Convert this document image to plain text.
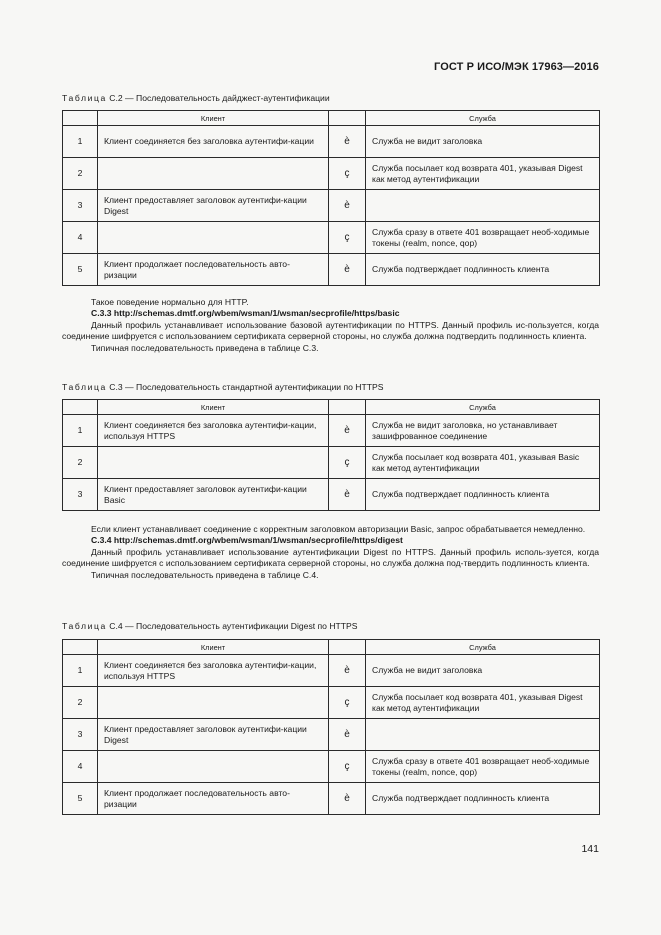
ГОСТ Р ИСО/МЭК 17963—2016
Таблица С.2 — Последовательность дайджест-аутентификации
	Клиент		Служба
1	Клиент соединяется без заголовка аутентифи-кации	è	Служба не видит заголовка
2		ç	Служба посылает код возврата 401, указывая Digest как метод аутентификации
3	Клиент предоставляет заголовок аутентифи-кации Digest	è	
4		ç	Служба сразу в ответе 401 возвращает необ-ходимые токены (realm, nonce, qop)
5	Клиент продолжает последовательность авто-ризации	è	Служба подтверждает подлинность клиента

Такое поведение нормально для HTTP.

С.3.3 http://schemas.dmtf.org/wbem/wsman/1/wsman/secprofile/https/basic

Данный профиль устанавливает использование базовой аутентификации по HTTPS. Данный профиль ис-пользуется, когда соединение шифруется с использованием сертификата серверной стороны, но служба должна подтвердить подлинность клиента.

Типичная последовательность приведена в таблице С.3.

Таблица С.3 — Последовательность стандартной аутентификации по HTTPS
	Клиент		Служба
1	Клиент соединяется без заголовка аутентифи-кации, используя HTTPS	è	Служба не видит заголовка, но устанавливает зашифрованное соединение
2		ç	Служба посылает код возврата 401, указывая Basic как метод аутентификации
3	Клиент предоставляет заголовок аутентифи-кации Basic	è	Служба подтверждает подлинность клиента

Если клиент устанавливает соединение с корректным заголовком авторизации Basic, запрос обрабатывается немедленно.

С.3.4 http://schemas.dmtf.org/wbem/wsman/1/wsman/secprofile/https/digest

Данный профиль устанавливает использование аутентификации Digest по HTTPS. Данный профиль исполь-зуется, когда соединение шифруется с использованием сертификата серверной стороны, но служба должна под-твердить подлинность клиента.

Типичная последовательность приведена в таблице С.4.

Таблица С.4 — Последовательность аутентификации Digest по HTTPS
	Клиент		Служба
1	Клиент соединяется без заголовка аутентифи-кации, используя HTTPS	è	Служба не видит заголовка
2		ç	Служба посылает код возврата 401, указывая Digest как метод аутентификации
3	Клиент предоставляет заголовок аутентифи-кации Digest	è	
4		ç	Служба сразу в ответе 401 возвращает необ-ходимые токены (realm, nonce, qop)
5	Клиент продолжает последовательность авто-ризации	è	Служба подтверждает подлинность клиента
141
